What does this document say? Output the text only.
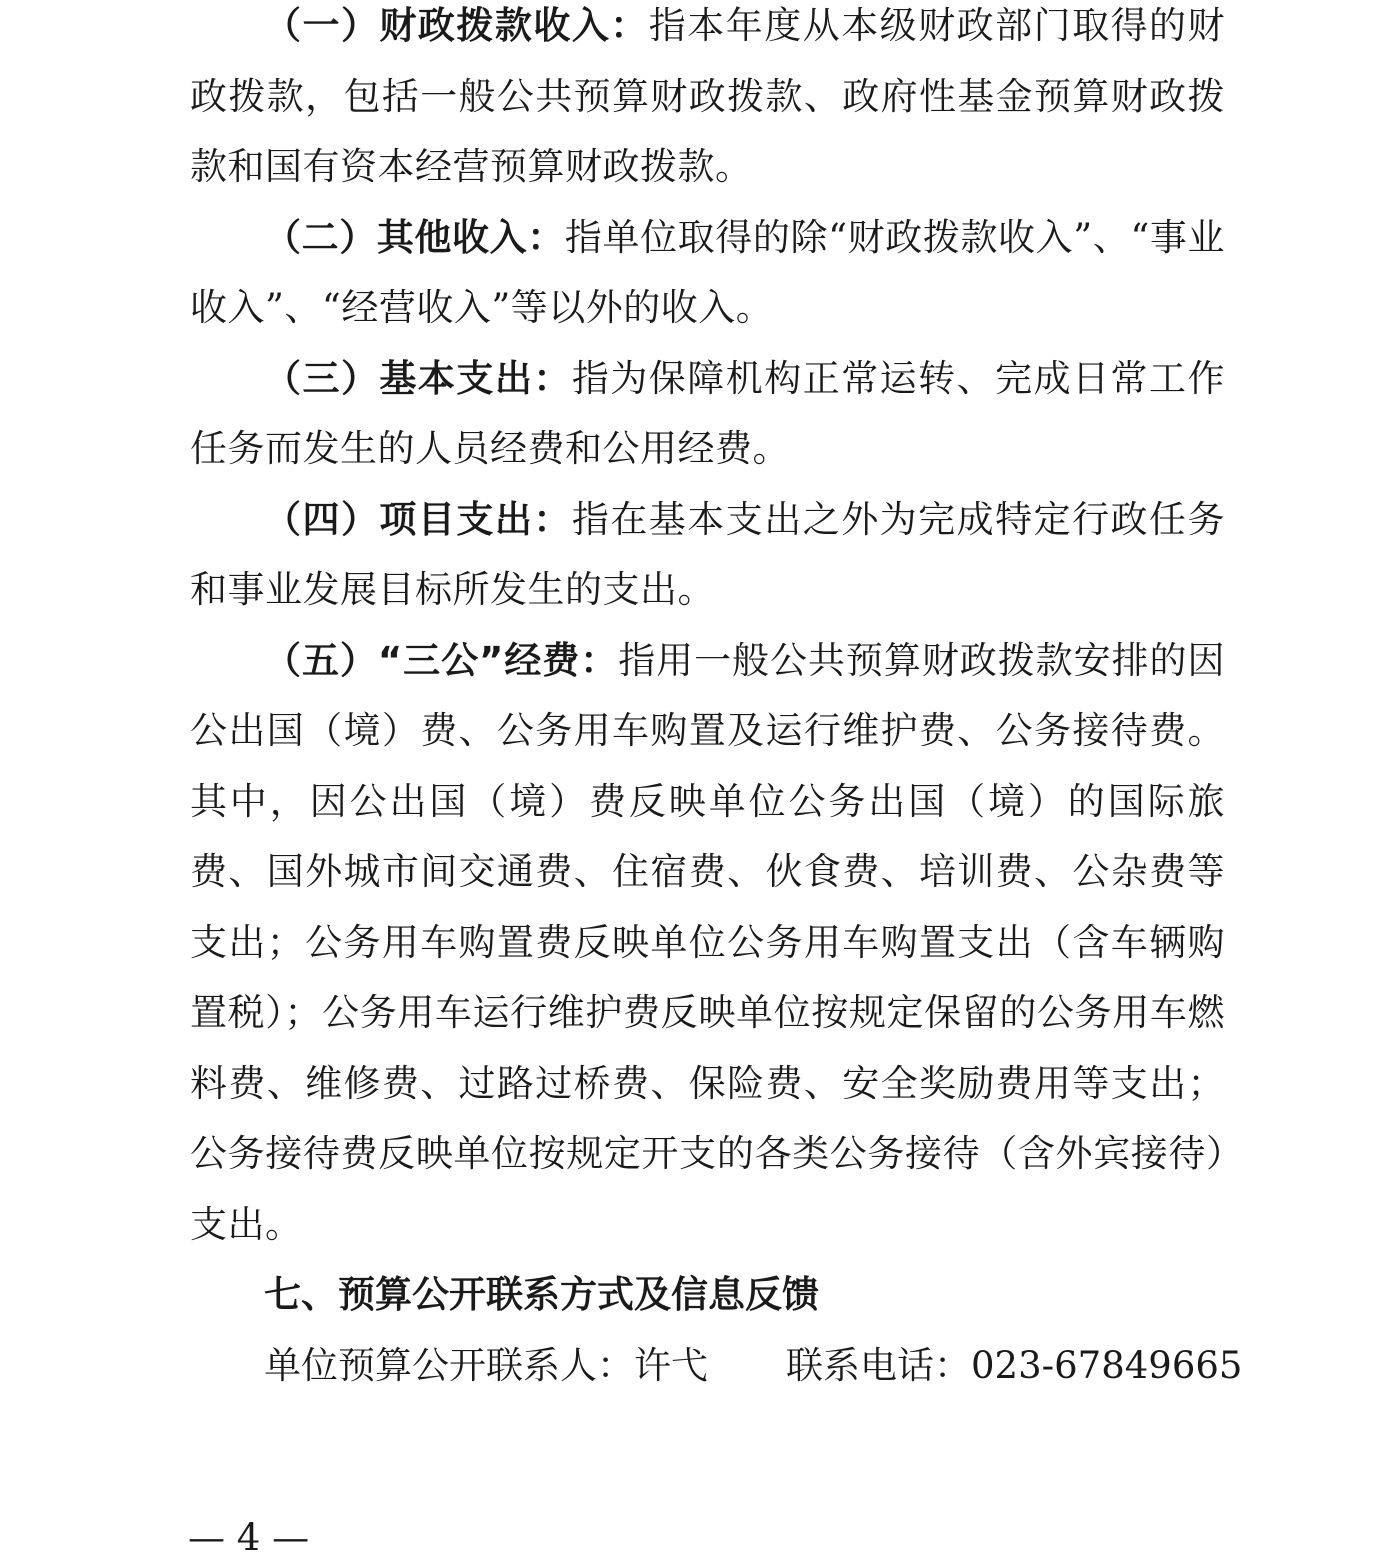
（一）财政拨款收入：指本年度从本级财政部门取得的财政拨款，包括一般公共预算财政拨款、政府性基金预算财政拨款和国有资本经营预算财政拨款。

（二）其他收入：指单位取得的除“财政拨款收入”、“事业收入”、“经营收入”等以外的收入。

（三）基本支出：指为保障机构正常运转、完成日常工作任务而发生的人员经费和公用经费。

（四）项目支出：指在基本支出之外为完成特定行政任务和事业发展目标所发生的支出。

（五）“三公”经费：指用一般公共预算财政拨款安排的因公出国（境）费、公务用车购置及运行维护费、公务接待费。其中，因公出国（境）费反映单位公务出国（境）的国际旅费、国外城市间交通费、住宿费、伙食费、培训费、公杂费等支出；公务用车购置费反映单位公务用车购置支出（含车辆购置税）；公务用车运行维护费反映单位按规定保留的公务用车燃料费、维修费、过路过桥费、保险费、安全奖励费用等支出；公务接待费反映单位按规定开支的各类公务接待（含外宾接待）支出。

七、预算公开联系方式及信息反馈

单位预算公开联系人：许弋 联系电话：023-67849665

— 4 —
